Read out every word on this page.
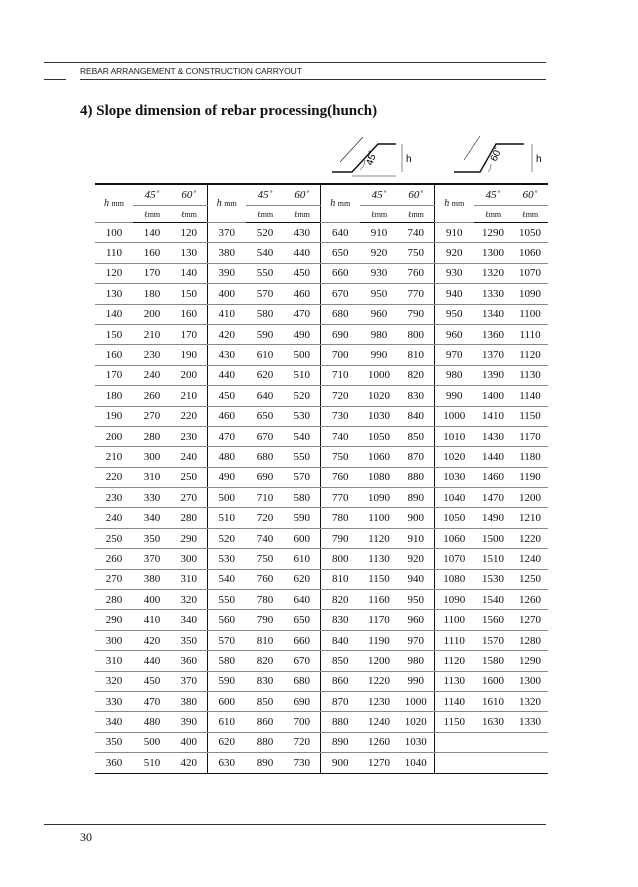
REBAR ARRANGEMENT & CONSTRUCTION CARRYOUT
4) Slope dimension of rebar processing(hunch)
45˚	h	60˚	h
h mm	45˚	60˚	h mm	45˚	60˚	h mm	45˚	60˚	h mm	45˚	60˚
	ℓmm	ℓmm		ℓmm	ℓmm		ℓmm	ℓmm		ℓmm	ℓmm
100	140	120	370	520	430	640	910	740	910	1290	1050
110	160	130	380	540	440	650	920	750	920	1300	1060
120	170	140	390	550	450	660	930	760	930	1320	1070
130	180	150	400	570	460	670	950	770	940	1330	1090
140	200	160	410	580	470	680	960	790	950	1340	1100
150	210	170	420	590	490	690	980	800	960	1360	1110
160	230	190	430	610	500	700	990	810	970	1370	1120
170	240	200	440	620	510	710	1000	820	980	1390	1130
180	260	210	450	640	520	720	1020	830	990	1400	1140
190	270	220	460	650	530	730	1030	840	1000	1410	1150
200	280	230	470	670	540	740	1050	850	1010	1430	1170
210	300	240	480	680	550	750	1060	870	1020	1440	1180
220	310	250	490	690	570	760	1080	880	1030	1460	1190
230	330	270	500	710	580	770	1090	890	1040	1470	1200
240	340	280	510	720	590	780	1100	900	1050	1490	1210
250	350	290	520	740	600	790	1120	910	1060	1500	1220
260	370	300	530	750	610	800	1130	920	1070	1510	1240
270	380	310	540	760	620	810	1150	940	1080	1530	1250
280	400	320	550	780	640	820	1160	950	1090	1540	1260
290	410	340	560	790	650	830	1170	960	1100	1560	1270
300	420	350	570	810	660	840	1190	970	1110	1570	1280
310	440	360	580	820	670	850	1200	980	1120	1580	1290
320	450	370	590	830	680	860	1220	990	1130	1600	1300
330	470	380	600	850	690	870	1230	1000	1140	1610	1320
340	480	390	610	860	700	880	1240	1020	1150	1630	1330
350	500	400	620	880	720	890	1260	1030			
360	510	420	630	890	730	900	1270	1040			
30
